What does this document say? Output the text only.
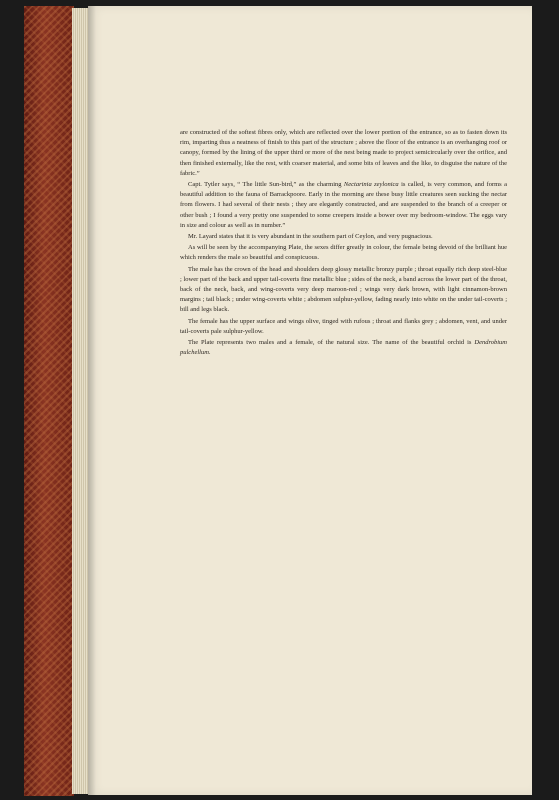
are constructed of the softest fibres only, which are reflected over the lower portion of the entrance, so as to fasten down its rim, imparting thus a neatness of finish to this part of the structure ; above the floor of the entrance is an overhanging roof or canopy, formed by the lining of the upper third or more of the nest being made to project semicircularly over the orifice, and then finished externally, like the rest, with coarser material, and some bits of leaves and the like, to disguise the nature of the fabric.”

Capt. Tytler says, “ The little Sun-bird,” as the charming Nectarinia zeylonica is called, is very common, and forms a beautiful addition to the fauna of Barrackpoore. Early in the morning are these busy little creatures seen sucking the nectar from flowers. I had several of their nests ; they are elegantly constructed, and are suspended to the branch of a creeper or other bush ; I found a very pretty one suspended to some creepers inside a bower over my bedroom-window. The eggs vary in size and colour as well as in number.”

Mr. Layard states that it is very abundant in the southern part of Ceylon, and very pugnacious.

As will be seen by the accompanying Plate, the sexes differ greatly in colour, the female being devoid of the brilliant hue which renders the male so beautiful and conspicuous.

The male has the crown of the head and shoulders deep glossy metallic bronzy purple ; throat equally rich deep steel-blue ; lower part of the back and upper tail-coverts fine metallic blue ; sides of the neck, a band across the lower part of the throat, back of the neck, back, and wing-coverts very deep maroon-red ; wings very dark brown, with light cinnamon-brown margins ; tail black ; under wing-coverts white ; abdomen sulphur-yellow, fading nearly into white on the under tail-coverts ; bill and legs black.

The female has the upper surface and wings olive, tinged with rufous ; throat and flanks grey ; abdomen, vent, and under tail-coverts pale sulphur-yellow.

The Plate represents two males and a female, of the natural size. The name of the beautiful orchid is Dendrobium pulchellum.
